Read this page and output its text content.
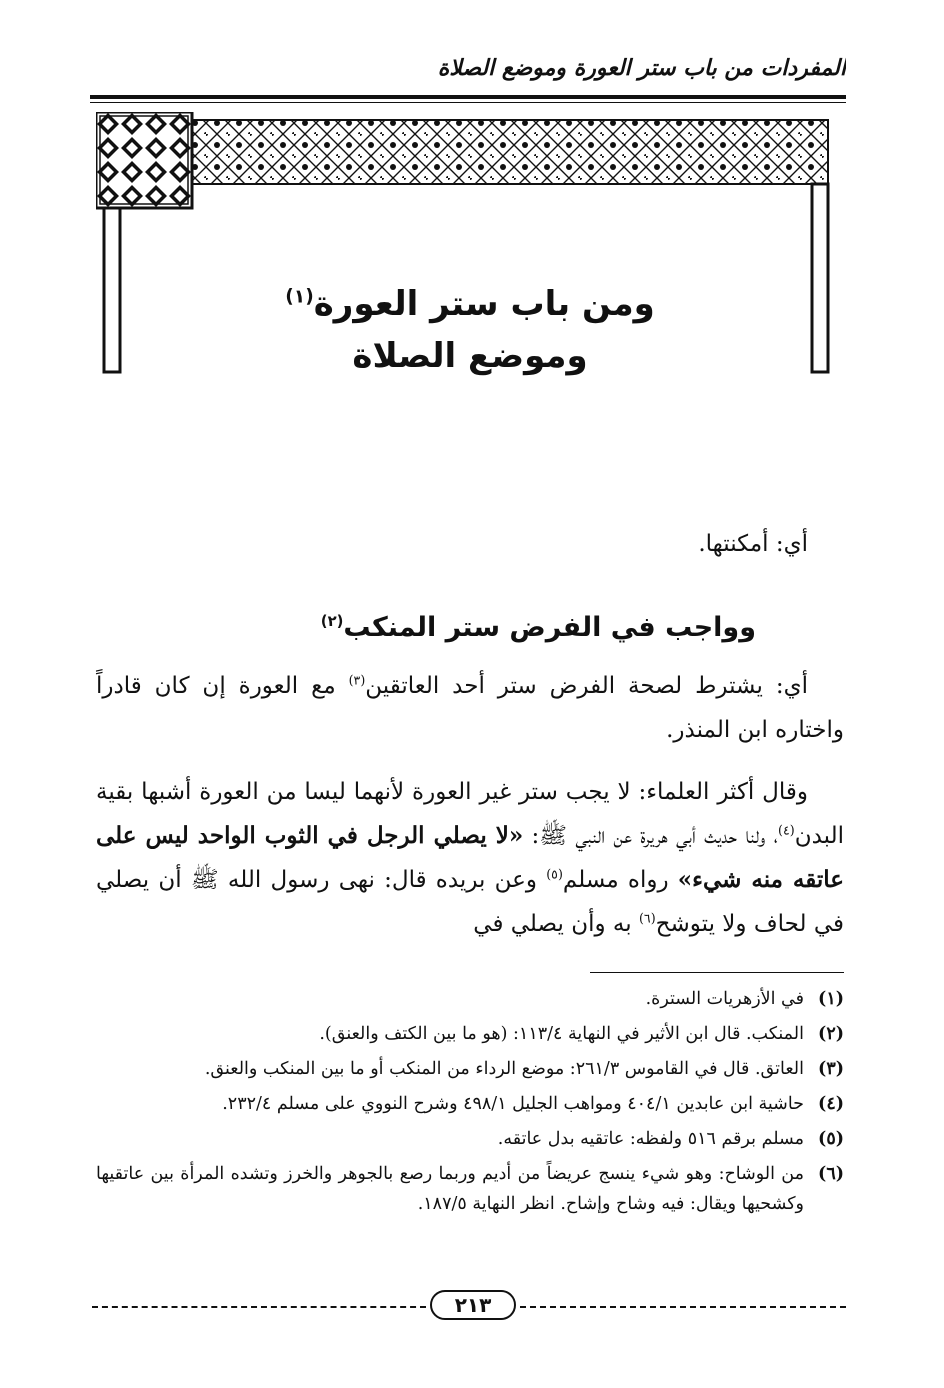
المفردات من باب ستر العورة وموضع الصلاة
ومن باب ستر العورة$^{(١)}$
وموضع الصلاة

أي: أمكنتها.

وواجب في الفرض ستر المنكب$^{(٢)}$

أي: يشترط لصحة الفرض ستر أحد العاتقين$^{(٣)}$ مع العورة إن كان قادراً واختاره ابن المنذر.

وقال أكثر العلماء: لا يجب ستر غير العورة لأنهما ليسا من العورة أشبها بقية البدن$^{(٤)}$، ولنا حديث أبي هريرة عن النبي ﷺ: «لا يصلي الرجل في الثوب الواحد ليس على عاتقه منه شيء» رواه مسلم$^{(٥)}$ وعن بريده قال: نهى رسول الله ﷺ أن يصلي في لحاف ولا يتوشح$^{(٦)}$ به وأن يصلي في

(١)
في الأزهريات السترة.
(٢)
المنكب. قال ابن الأثير في النهاية ١١٣/٤: (هو ما بين الكتف والعنق).
(٣)
العاتق. قال في القاموس ٢٦١/٣: موضع الرداء من المنكب أو ما بين المنكب والعنق.
(٤)
حاشية ابن عابدين ٤٠٤/١ ومواهب الجليل ٤٩٨/١ وشرح النووي على مسلم ٢٣٢/٤.
(٥)
مسلم برقم ٥١٦ ولفظه: عاتقيه بدل عاتقه.
(٦)
من الوشاح: وهو شيء ينسج عريضاً من أديم وربما رصع بالجوهر والخرز وتشده المرأة بين عاتقيها وكشحيها ويقال: فيه وشاح وإشاح. انظر النهاية ١٨٧/٥.
٢١٣
